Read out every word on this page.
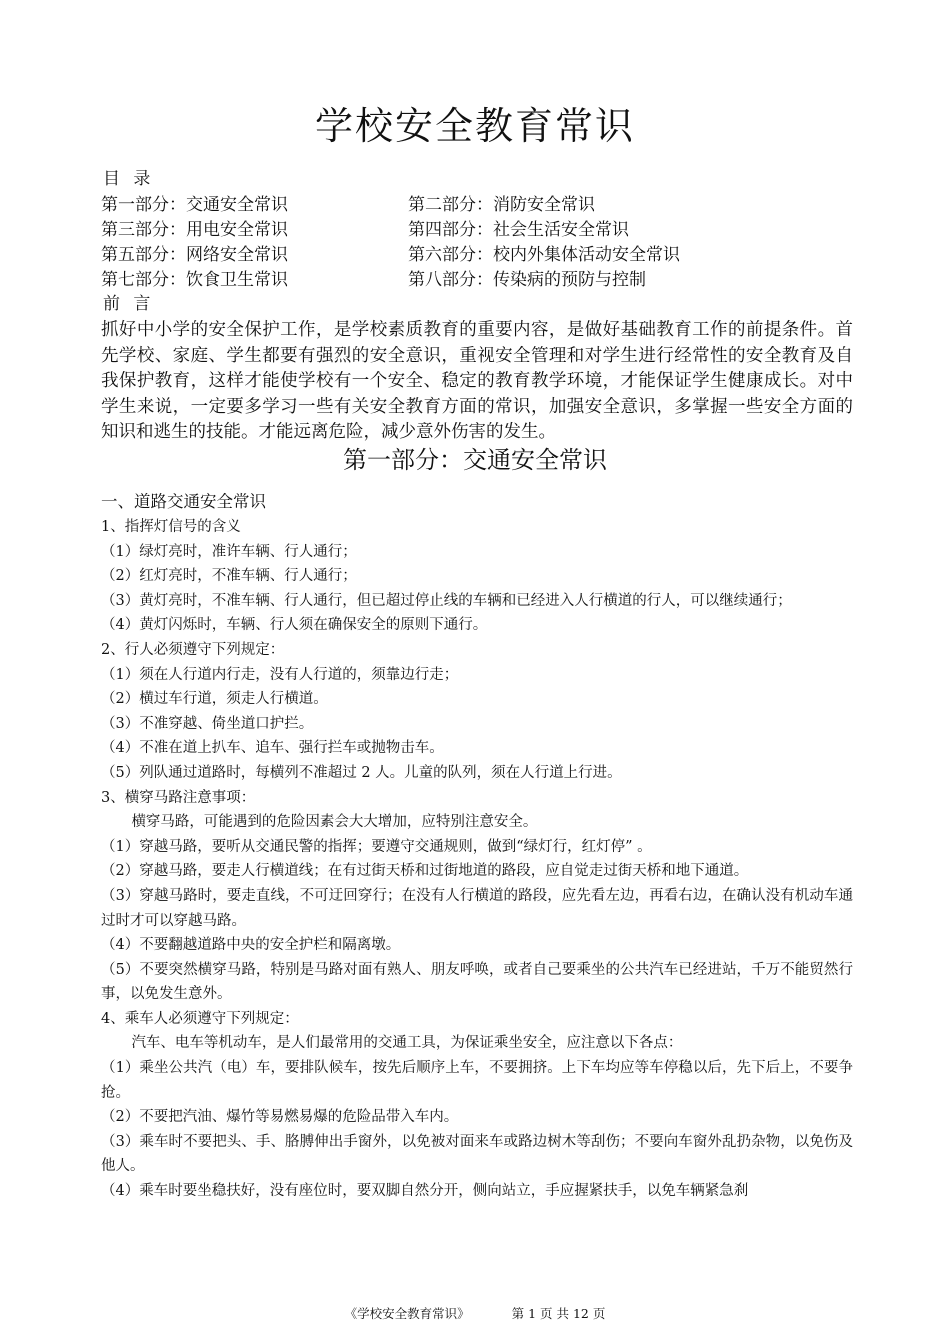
学校安全教育常识
目 录
第一部分：交通安全常识	第二部分：消防安全常识
第三部分：用电安全常识	第四部分：社会生活安全常识
第五部分：网络安全常识	第六部分：校内外集体活动安全常识
第七部分：饮食卫生常识	第八部分：传染病的预防与控制
前 言

抓好中小学的安全保护工作，是学校素质教育的重要内容，是做好基础教育工作的前提条件。首先学校、家庭、学生都要有强烈的安全意识，重视安全管理和对学生进行经常性的安全教育及自我保护教育，这样才能使学校有一个安全、稳定的教育教学环境，才能保证学生健康成长。对中学生来说，一定要多学习一些有关安全教育方面的常识，加强安全意识，多掌握一些安全方面的知识和逃生的技能。才能远离危险，减少意外伤害的发生。

第一部分：交通安全常识

一、道路交通安全常识

1、指挥灯信号的含义

（1）绿灯亮时，准许车辆、行人通行；

（2）红灯亮时，不准车辆、行人通行；

（3）黄灯亮时，不准车辆、行人通行，但已超过停止线的车辆和已经进入人行横道的行人，可以继续通行；

（4）黄灯闪烁时，车辆、行人须在确保安全的原则下通行。

2、行人必须遵守下列规定：

（1）须在人行道内行走，没有人行道的，须靠边行走；

（2）横过车行道，须走人行横道。

（3）不准穿越、倚坐道口护拦。

（4）不准在道上扒车、追车、强行拦车或抛物击车。

（5）列队通过道路时，每横列不准超过 2 人。儿童的队列，须在人行道上行进。

3、横穿马路注意事项：

横穿马路，可能遇到的危险因素会大大增加，应特别注意安全。

（1）穿越马路，要听从交通民警的指挥；要遵守交通规则，做到“绿灯行，红灯停” 。

（2）穿越马路，要走人行横道线；在有过街天桥和过街地道的路段，应自觉走过街天桥和地下通道。

（3）穿越马路时，要走直线，不可迂回穿行；在没有人行横道的路段，应先看左边，再看右边，在确认没有机动车通过时才可以穿越马路。

（4）不要翻越道路中央的安全护栏和隔离墩。

（5）不要突然横穿马路，特别是马路对面有熟人、朋友呼唤，或者自己要乘坐的公共汽车已经进站，千万不能贸然行事，以免发生意外。

4、乘车人必须遵守下列规定：

汽车、电车等机动车，是人们最常用的交通工具，为保证乘坐安全，应注意以下各点：

（1）乘坐公共汽（电）车，要排队候车，按先后顺序上车，不要拥挤。上下车均应等车停稳以后，先下后上，不要争抢。

（2）不要把汽油、爆竹等易燃易爆的危险品带入车内。

（3）乘车时不要把头、手、胳膊伸出手窗外，以免被对面来车或路边树木等刮伤；不要向车窗外乱扔杂物，以免伤及他人。

（4）乘车时要坐稳扶好，没有座位时，要双脚自然分开，侧向站立，手应握紧扶手，以免车辆紧急刹

《学校安全教育常识》	第 1 页 共 12 页
